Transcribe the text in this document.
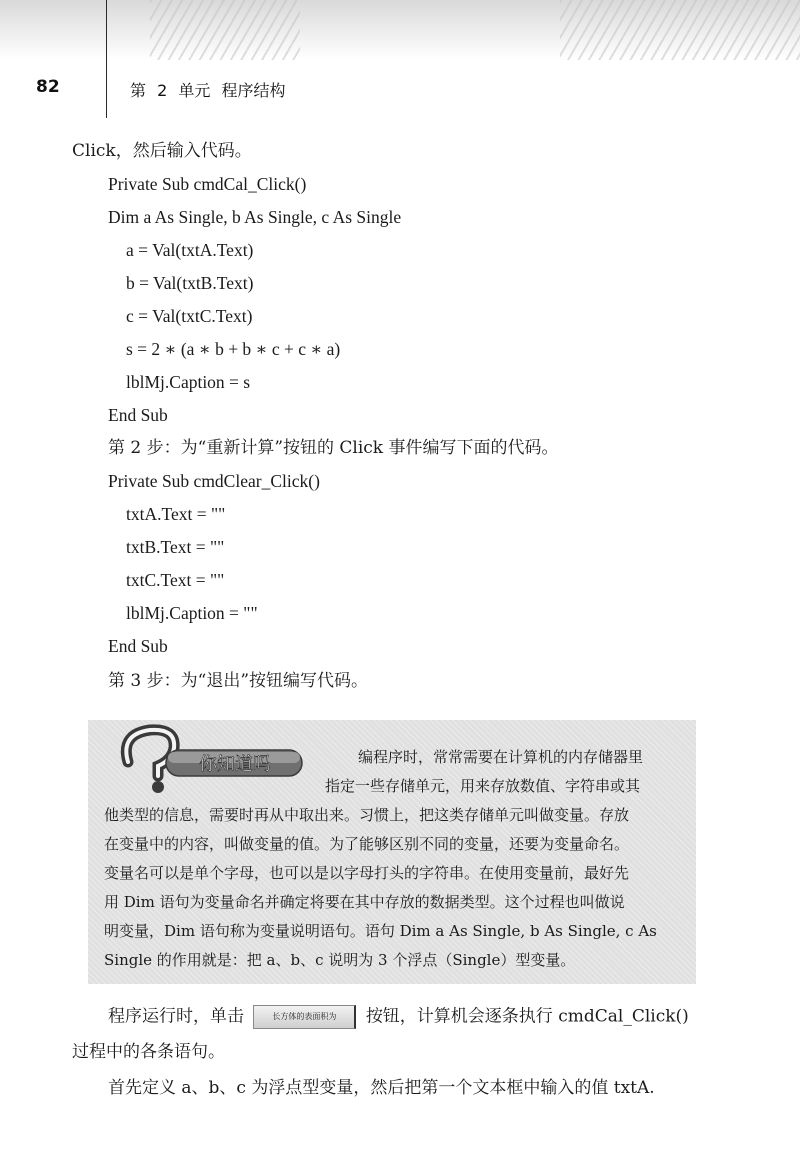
82	第 2 单元 程序结构
Click，然后输入代码。
Private Sub cmdCal_Click()
Dim a As Single, b As Single, c As Single
a = Val(txtA.Text)
b = Val(txtB.Text)
c = Val(txtC.Text)
s = 2 ∗ (a ∗ b + b ∗ c + c ∗ a)
lblMj.Caption = s
End Sub
第 2 步：为“重新计算”按钮的 Click 事件编写下面的代码。
Private Sub cmdClear_Click()
txtA.Text = ""
txtB.Text = ""
txtC.Text = ""
lblMj.Caption = ""
End Sub
第 3 步：为“退出”按钮编写代码。
你知道吗	编程序时，常常需要在计算机的内存储器里
指定一些存储单元，用来存放数值、字符串或其
他类型的信息，需要时再从中取出来。习惯上，把这类存储单元叫做变量。存放
在变量中的内容，叫做变量的值。为了能够区别不同的变量，还要为变量命名。
变量名可以是单个字母，也可以是以字母打头的字符串。在使用变量前，最好先
用 Dim 语句为变量命名并确定将要在其中存放的数据类型。这个过程也叫做说
明变量，Dim 语句称为变量说明语句。语句 Dim a As Single, b As Single, c As
Single 的作用就是：把 a、b、c 说明为 3 个浮点（Single）型变量。
程序运行时，单击	长方体的表面积为 按钮，计算机会逐条执行 cmdCal_Click()
过程中的各条语句。
首先定义 a、b、c 为浮点型变量，然后把第一个文本框中输入的值 txtA.
